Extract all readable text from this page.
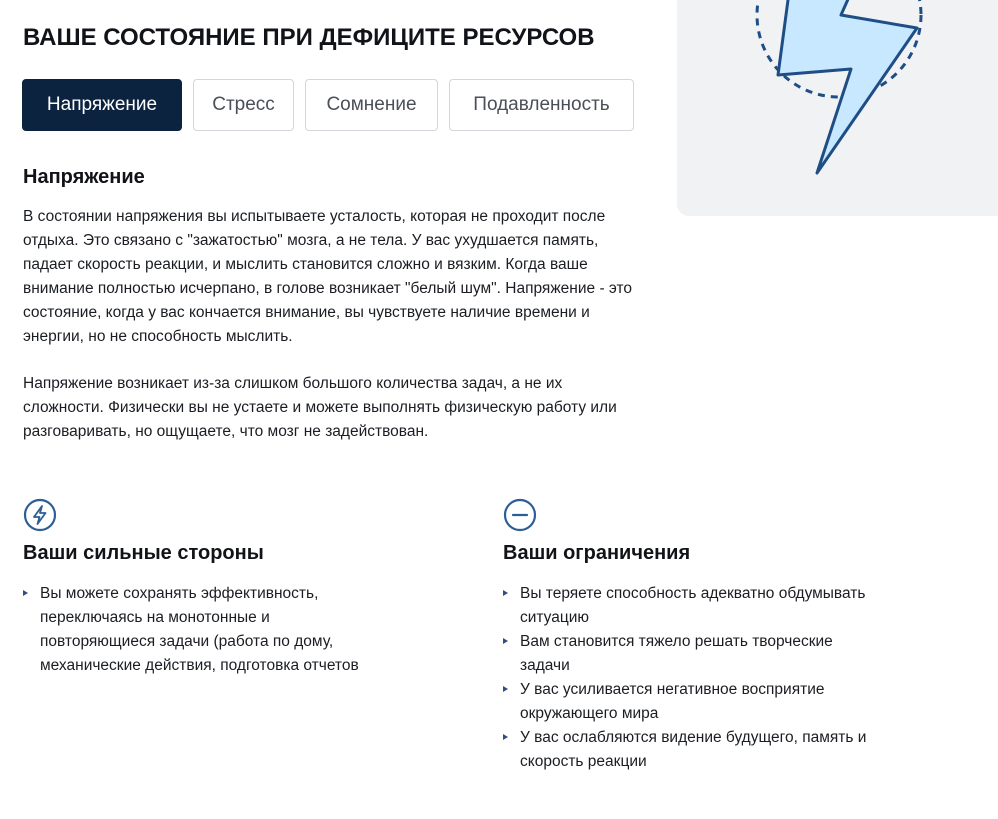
ВАШЕ СОСТОЯНИЕ ПРИ ДЕФИЦИТЕ РЕСУРСОВ
Напряжение	Стресс	Сомнение	Подавленность
Напряжение

В состоянии напряжения вы испытываете усталость, которая не проходит после отдыха. Это связано с "зажатостью" мозга, а не тела. У вас ухудшается память, падает скорость реакции, и мыслить становится сложно и вязким. Когда ваше внимание полностью исчерпано, в голове возникает "белый шум". Напряжение - это состояние, когда у вас кончается внимание, вы чувствуете наличие времени и энергии, но не способность мыслить.

Напряжение возникает из-за слишком большого количества задач, а не их сложности. Физически вы не устаете и можете выполнять физическую работу или разговаривать, но ощущаете, что мозг не задействован.

Ваши сильные стороны
Вы можете сохранять эффективность, переключаясь на монотонные и повторяющиеся задачи (работа по дому, механические действия, подготовка отчетов
Ваши ограничения
Вы теряете способность адекватно обдумывать ситуацию
Вам становится тяжело решать творческие задачи
У вас усиливается негативное восприятие окружающего мира
У вас ослабляются видение будущего, память и скорость реакции
